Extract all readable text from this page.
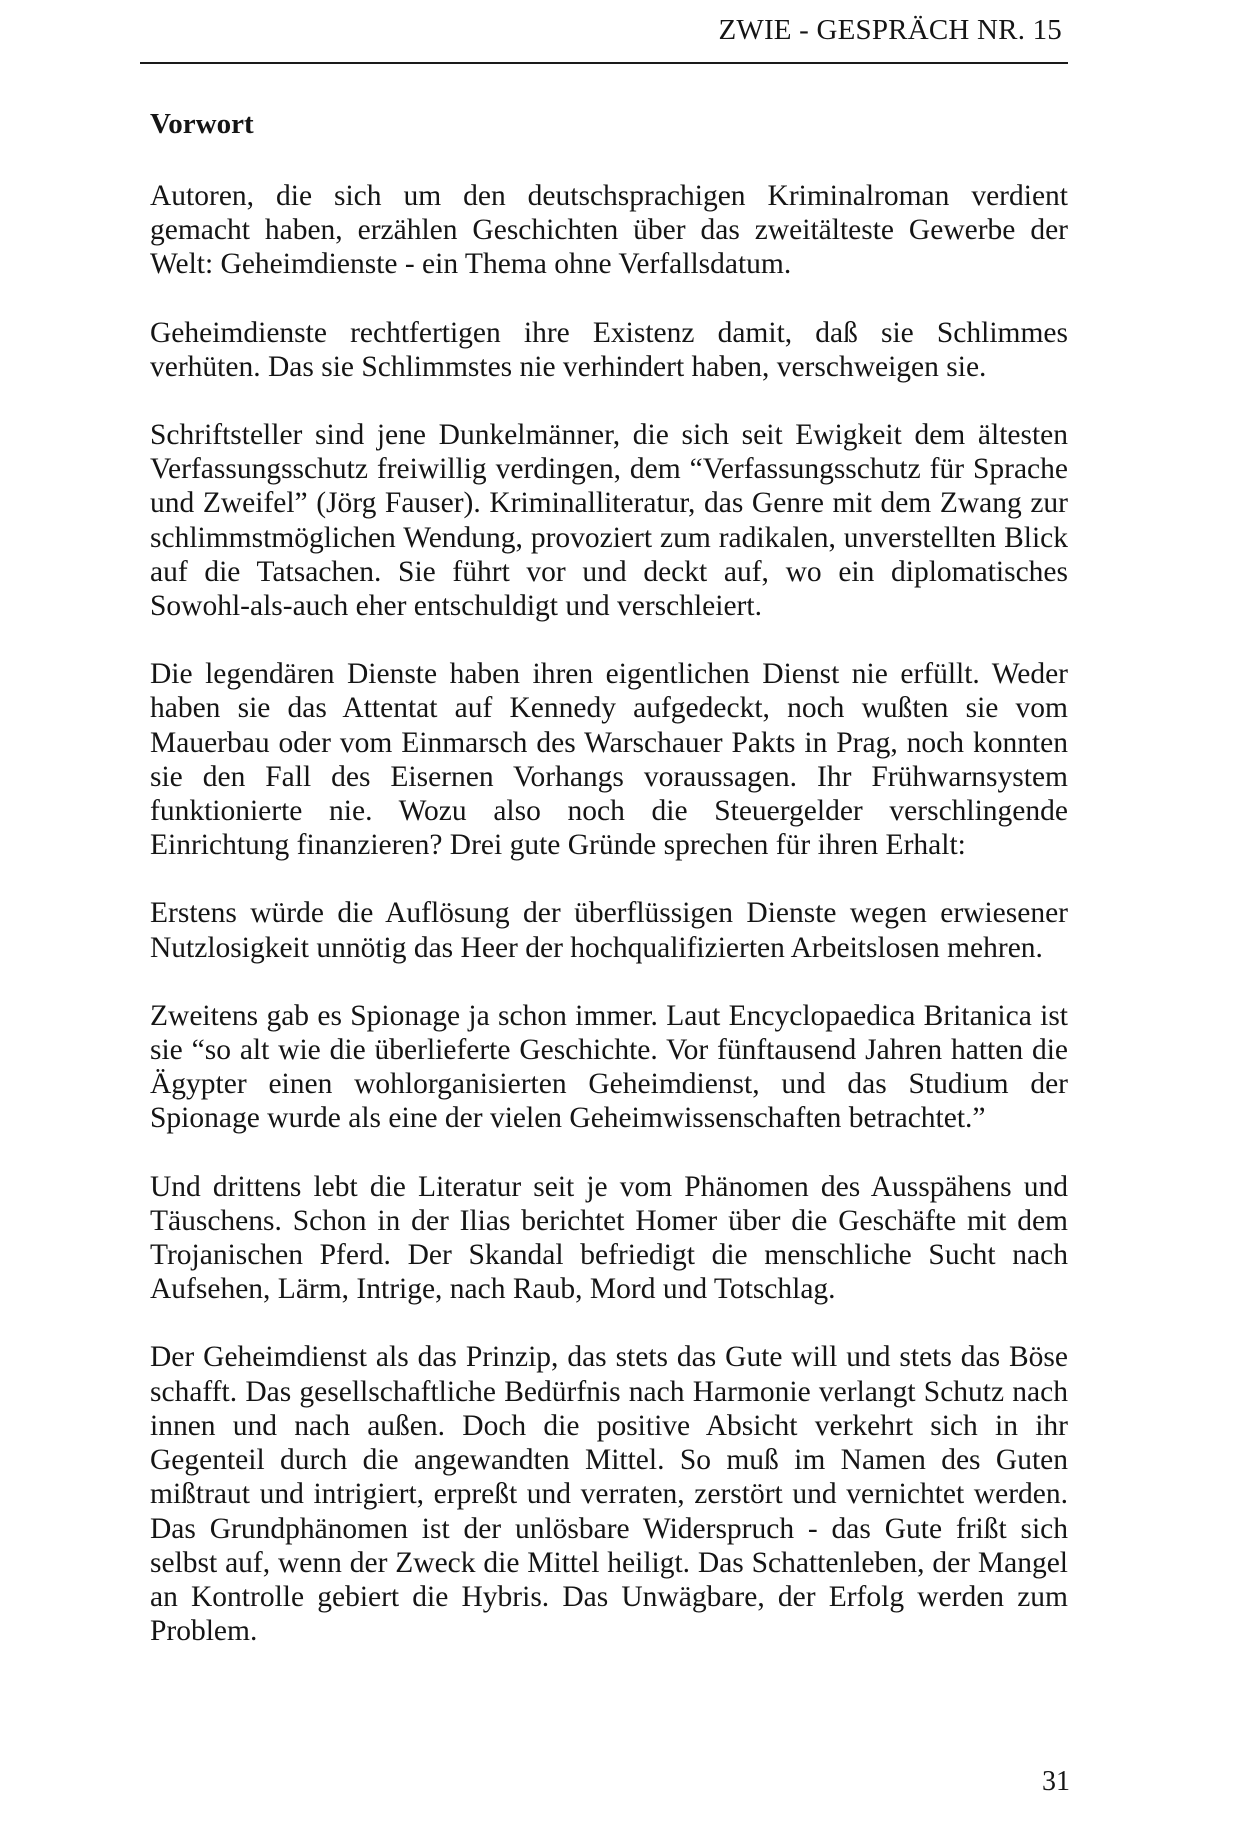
ZWIE - GESPRÄCH NR. 15
Vorwort

Autoren, die sich um den deutschsprachigen Kriminalroman verdient gemacht haben, erzählen Geschichten über das zweitälteste Gewerbe der Welt: Geheimdienste - ein Thema ohne Verfallsdatum.

Geheimdienste rechtfertigen ihre Existenz damit, daß sie Schlimmes verhüten. Das sie Schlimmstes nie verhindert haben, verschweigen sie.

Schriftsteller sind jene Dunkelmänner, die sich seit Ewigkeit dem ältesten Verfassungsschutz freiwillig verdingen, dem “Verfassungsschutz für Sprache und Zweifel” (Jörg Fauser). Kriminalliteratur, das Genre mit dem Zwang zur schlimmstmöglichen Wendung, provoziert zum radikalen, unverstellten Blick auf die Tatsachen. Sie führt vor und deckt auf, wo ein diplomatisches Sowohl-als-auch eher entschuldigt und verschleiert.

Die legendären Dienste haben ihren eigentlichen Dienst nie erfüllt. Weder haben sie das Attentat auf Kennedy aufgedeckt, noch wußten sie vom Mauerbau oder vom Einmarsch des Warschauer Pakts in Prag, noch konnten sie den Fall des Eisernen Vorhangs voraussagen. Ihr Frühwarnsystem funktionierte nie. Wozu also noch die Steuergelder verschlingende Einrichtung finanzieren? Drei gute Gründe sprechen für ihren Erhalt:

Erstens würde die Auflösung der überflüssigen Dienste wegen erwiesener Nutzlosigkeit unnötig das Heer der hochqualifizierten Arbeitslosen mehren.

Zweitens gab es Spionage ja schon immer. Laut Encyclopaedica Britanica ist sie “so alt wie die überlieferte Geschichte. Vor fünftausend Jahren hatten die Ägypter einen wohlorganisierten Geheimdienst, und das Studium der Spionage wurde als eine der vielen Geheimwissenschaften betrachtet.”

Und drittens lebt die Literatur seit je vom Phänomen des Ausspähens und Täuschens. Schon in der Ilias berichtet Homer über die Geschäfte mit dem Trojanischen Pferd. Der Skandal befriedigt die menschliche Sucht nach Aufsehen, Lärm, Intrige, nach Raub, Mord und Totschlag.

Der Geheimdienst als das Prinzip, das stets das Gute will und stets das Böse schafft. Das gesellschaftliche Bedürfnis nach Harmonie verlangt Schutz nach innen und nach außen. Doch die positive Absicht verkehrt sich in ihr Gegenteil durch die angewandten Mittel. So muß im Namen des Guten mißtraut und intrigiert, erpreßt und verraten, zerstört und vernichtet werden. Das Grundphänomen ist der unlösbare Widerspruch - das Gute frißt sich selbst auf, wenn der Zweck die Mittel heiligt. Das Schattenleben, der Mangel an Kontrolle gebiert die Hybris. Das Unwägbare, der Erfolg werden zum Problem.

31
